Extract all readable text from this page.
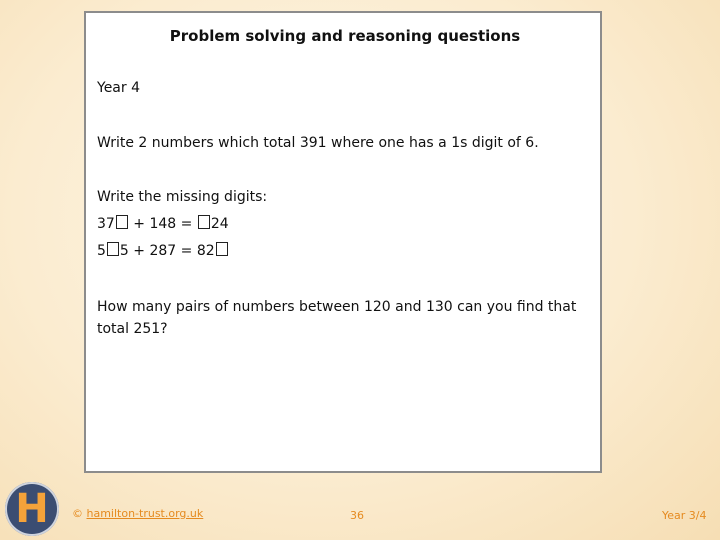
Problem solving and reasoning questions
Year 4
Write 2 numbers which total 391 where one has a 1s digit of 6.
Write the missing digits:
37 + 148 = 24
5 5 + 287 = 82
How many pairs of numbers between 120 and 130 can you find that
total 251?
H	© hamilton-trust.org.uk	36	Year 3/4
